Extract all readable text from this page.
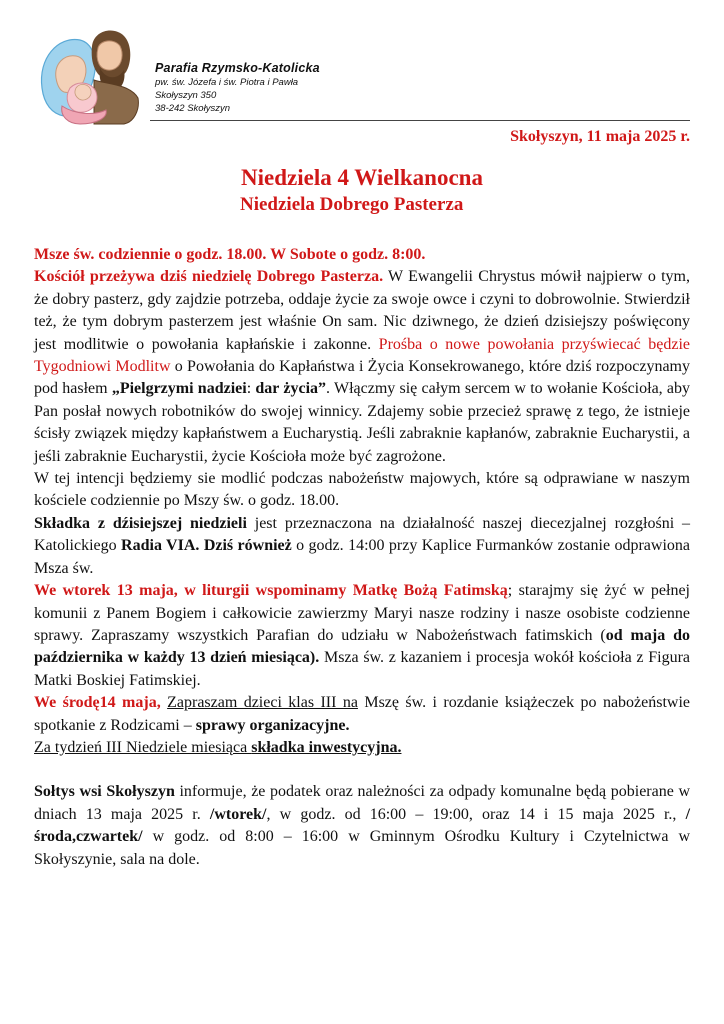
Parafia Rzymsko-Katolicka
pw. św. Józefa i św. Piotra i Pawła
Skołyszyn 350
38-242 Skołyszyn
Skołyszyn, 11 maja 2025 r.
Niedziela 4 Wielkanocna
Niedziela Dobrego Pasterza

Msze św. codziennie o godz. 18.00. W Sobote o godz. 8:00.

Kościół przeżywa dziś niedzielę Dobrego Pasterza. W Ewangelii Chrystus mówił najpierw o tym, że dobry pasterz, gdy zajdzie potrzeba, oddaje życie za swoje owce i czyni to dobrowolnie. Stwierdził też, że tym dobrym pasterzem jest właśnie On sam. Nic dziwnego, że dzień dzisiejszy poświęcony jest modlitwie o powołania kapłańskie i zakonne. Prośba o nowe powołania przyświecać będzie Tygodniowi Modlitw o Powołania do Kapłaństwa i Życia Konsekrowanego, które dziś rozpoczynamy pod hasłem „Pielgrzymi nadziei: dar życia”. Włączmy się całym sercem w to wołanie Kościoła, aby Pan posłał nowych robotników do swojej winnicy. Zdajemy sobie przecież sprawę z tego, że istnieje ścisły związek między kapłaństwem a Eucharystią. Jeśli zabraknie kapłanów, zabraknie Eucharystii, a jeśli zabraknie Eucharystii, życie Kościoła może być zagrożone.

W tej intencji będziemy sie modlić podczas nabożeństw majowych, które są odprawiane w naszym kościele codziennie po Mszy św. o godz. 18.00.

Składka z dźisiejszej niedzieli jest przeznaczona na działalność naszej diecezjalnej rozgłośni – Katolickiego Radia VIA. Dziś również o godz. 14:00 przy Kaplice Furmanków zostanie odprawiona Msza św.

We wtorek 13 maja, w liturgii wspominamy Matkę Bożą Fatimską; starajmy się żyć w pełnej komunii z Panem Bogiem i całkowicie zawierzmy Maryi nasze rodziny i nasze osobiste codzienne sprawy. Zapraszamy wszystkich Parafian do udziału w Nabożeństwach fatimskich (od maja do października w każdy 13 dzień miesiąca). Msza św. z kazaniem i procesja wokół kościoła z Figura Matki Boskiej Fatimskiej.

We środę14 maja, Zapraszam dzieci klas III na Mszę św. i rozdanie książeczek po nabożeństwie spotkanie z Rodzicami – sprawy organizacyjne.

Za tydzień III Niedziele miesiąca składka inwestycyjna.

Sołtys wsi Skołyszyn informuje, że podatek oraz należności za odpady komunalne będą pobierane w dniach 13 maja 2025 r. /wtorek/, w godz. od 16:00 – 19:00, oraz 14 i 15 maja 2025 r., /środa,czwartek/ w godz. od 8:00 – 16:00 w Gminnym Ośrodku Kultury i Czytelnictwa w Skołyszynie, sala na dole.
